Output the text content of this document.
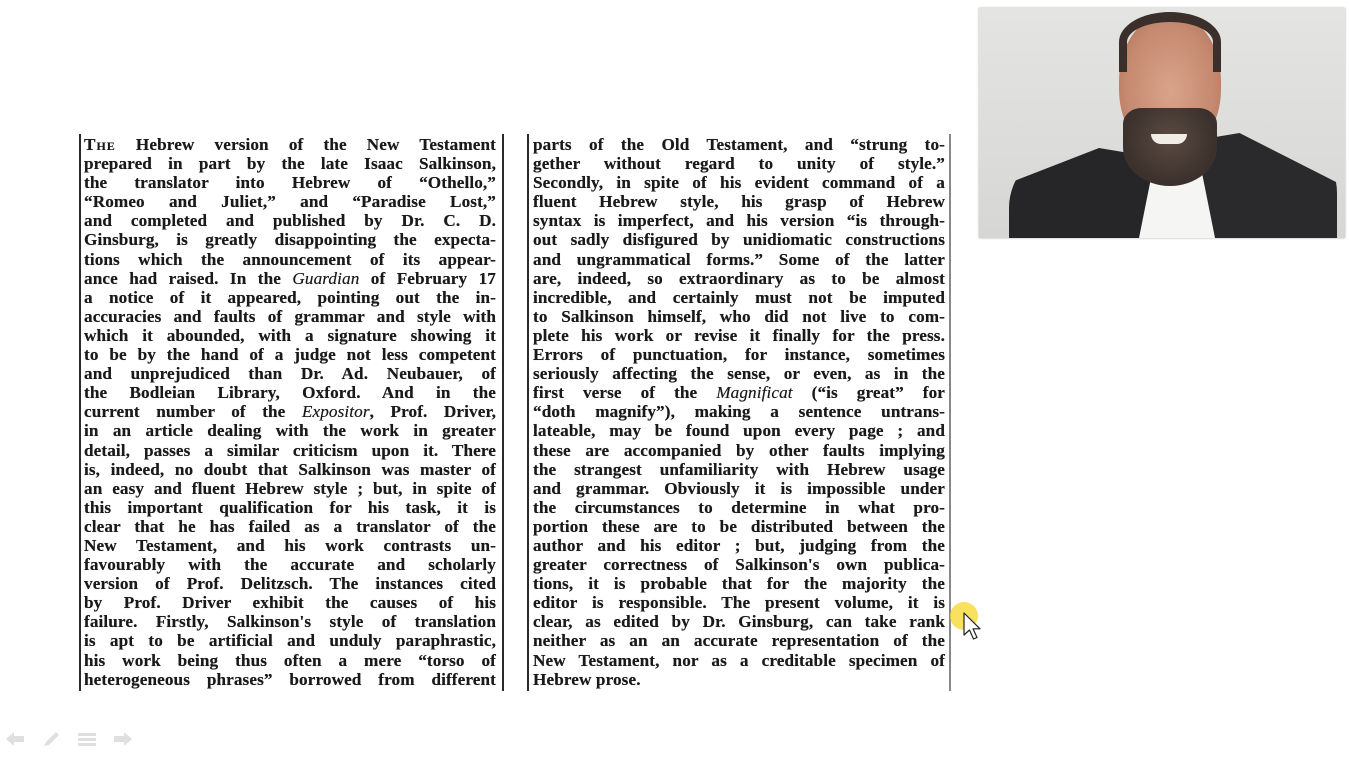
The Hebrew version of the New Testament
prepared in part by the late Isaac Salkinson,
the translator into Hebrew of “Othello,”
“Romeo and Juliet,” and “Paradise Lost,”
and completed and published by Dr. C. D.
Ginsburg, is greatly disappointing the expecta-
tions which the announcement of its appear-
ance had raised. In the Guardian of February 17
a notice of it appeared, pointing out the in-
accuracies and faults of grammar and style with
which it abounded, with a signature showing it
to be by the hand of a judge not less competent
and unprejudiced than Dr. Ad. Neubauer, of
the Bodleian Library, Oxford. And in the
current number of the Expositor, Prof. Driver,
in an article dealing with the work in greater
detail, passes a similar criticism upon it. There
is, indeed, no doubt that Salkinson was master of
an easy and fluent Hebrew style ; but, in spite of
this important qualification for his task, it is
clear that he has failed as a translator of the
New Testament, and his work contrasts un-
favourably with the accurate and scholarly
version of Prof. Delitzsch. The instances cited
by Prof. Driver exhibit the causes of his
failure. Firstly, Salkinson's style of translation
is apt to be artificial and unduly paraphrastic,
his work being thus often a mere “torso of
heterogeneous phrases” borrowed from different
parts of the Old Testament, and “strung to-
gether without regard to unity of style.”
Secondly, in spite of his evident command of a
fluent Hebrew style, his grasp of Hebrew
syntax is imperfect, and his version “is through-
out sadly disfigured by unidiomatic constructions
and ungrammatical forms.” Some of the latter
are, indeed, so extraordinary as to be almost
incredible, and certainly must not be imputed
to Salkinson himself, who did not live to com-
plete his work or revise it finally for the press.
Errors of punctuation, for instance, sometimes
seriously affecting the sense, or even, as in the
first verse of the Magnificat (“is great” for
“doth magnify”), making a sentence untrans-
lateable, may be found upon every page ; and
these are accompanied by other faults implying
the strangest unfamiliarity with Hebrew usage
and grammar. Obviously it is impossible under
the circumstances to determine in what pro-
portion these are to be distributed between the
author and his editor ; but, judging from the
greater correctness of Salkinson's own publica-
tions, it is probable that for the majority the
editor is responsible. The present volume, it is
clear, as edited by Dr. Ginsburg, can take rank
neither as an an accurate representation of the
New Testament, nor as a creditable specimen of
Hebrew prose.
